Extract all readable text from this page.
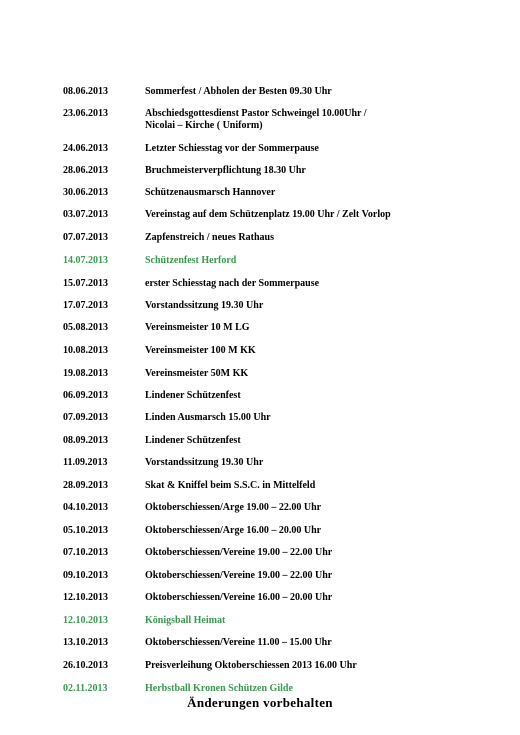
08.06.2013	Sommerfest / Abholen der Besten 09.30 Uhr
23.06.2013	Abschiedsgottesdienst Pastor Schweingel 10.00Uhr /
Nicolai – Kirche ( Uniform)
24.06.2013	Letzter Schiesstag vor der Sommerpause
28.06.2013	Bruchmeisterverpflichtung 18.30 Uhr
30.06.2013	Schützenausmarsch Hannover
03.07.2013	Vereinstag auf dem Schützenplatz 19.00 Uhr / Zelt Vorlop
07.07.2013	Zapfenstreich / neues Rathaus
14.07.2013	Schützenfest Herford
15.07.2013	erster Schiesstag nach der Sommerpause
17.07.2013	Vorstandssitzung 19.30 Uhr
05.08.2013	Vereinsmeister 10 M LG
10.08.2013	Vereinsmeister 100 M KK
19.08.2013	Vereinsmeister 50M KK
06.09.2013	Lindener Schützenfest
07.09.2013	Linden Ausmarsch 15.00 Uhr
08.09.2013	Lindener Schützenfest
11.09.2013	Vorstandssitzung 19.30 Uhr
28.09.2013	Skat & Kniffel beim S.S.C. in Mittelfeld
04.10.2013	Oktoberschiessen/Arge 19.00 – 22.00 Uhr
05.10.2013	Oktoberschiessen/Arge 16.00 – 20.00 Uhr
07.10.2013	Oktoberschiessen/Vereine 19.00 – 22.00 Uhr
09.10.2013	Oktoberschiessen/Vereine 19.00 – 22.00 Uhr
12.10.2013	Oktoberschiessen/Vereine 16.00 – 20.00 Uhr
12.10.2013	Königsball Heimat
13.10.2013	Oktoberschiessen/Vereine 11.00 – 15.00 Uhr
26.10.2013	Preisverleihung Oktoberschiessen 2013 16.00 Uhr
02.11.2013	Herbstball Kronen Schützen Gilde
Änderungen vorbehalten
